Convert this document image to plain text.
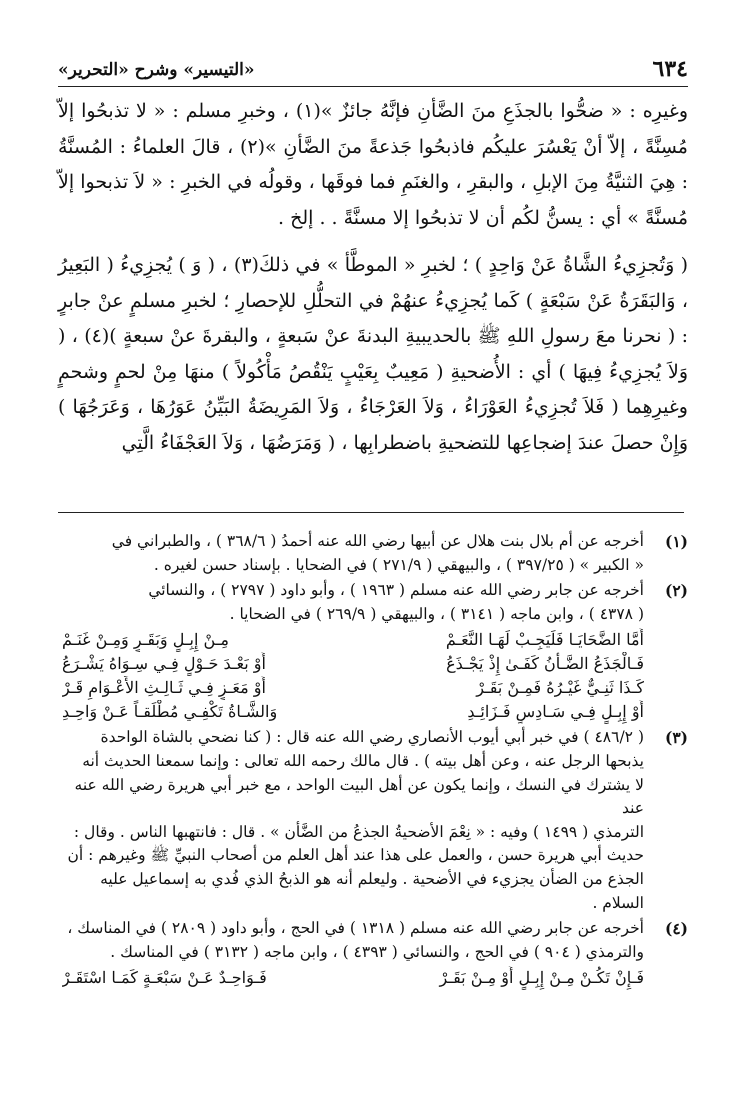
٦٣٤
«التيسير» وشرح «التحرير»

وغيرِه : « ضحُّوا بالجذَعِ منَ الضَّأنِ فإنَّهُ جائزٌ »(١) ، وخبرِ مسلم : « لا تذبحُوا إلاّ مُسِنَّةً ، إلاّ أنْ يَعْسُرَ عليكُم فاذبحُوا جَذعةً منَ الضَّأنِ »(٢) ، قالَ العلماءُ : المُسنَّةُ : هِيَ الثنيَّةُ مِنَ الإبلِ ، والبقرِ ، والغنَمِ فما فوقَها ، وقولُه في الخبرِ : « لاَ تذبحوا إلاّ مُسنَّةً » أي : يسنُّ لكُم أن لا تذبحُوا إلا مسنَّةً . . إلخ .

( وَتُجزِيءُ الشَّاةُ عَنْ وَاحِدٍ ) ؛ لخبرِ « الموطَّأ » في ذلكَ(٣) ، ( وَ ) يُجزِيءُ ( البَعِيرُ ، وَالبَقَرَةُ عَنْ سَبْعَةٍ ) كَما يُجزِيءُ عنهُمْ في التحلُّلِ للإحصارِ ؛ لخبرِ مسلمٍ عنْ جابرٍ : ( نحرنا معَ رسولِ اللهِ ﷺ بالحديبيةِ البدنةَ عنْ سَبعةٍ ، والبقرةَ عنْ سبعةٍ )(٤) ، ( وَلاَ يُجزِيءُ فِيهَا ) أي : الأُضحيةِ ( مَعِيبٌ بِعَيْبٍ يَنْقُصُ مَأْكُولاً ) منهَا مِنْ لحمٍ وشحمٍ وغيرِهِما ( فَلاَ تُجزِيءُ العَوْرَاءُ ، وَلاَ العَرْجَاءُ ، وَلاَ المَرِيضَةُ البَيِّنُ عَوَرُهَا ، وَعَرَجُهَا ) وَإِنْ حصلَ عندَ إضجاعِها للتضحيةِ باضطرابِها ، ( وَمَرَضُهَا ، وَلاَ العَجْفَاءُ الَّتِي

(١)
أخرجه عن أم بلال بنت هلال عن أبيها رضي الله عنه أحمدُ ( ٣٦٨/٦ ) ، والطبراني في
« الكبير » ( ٣٩٧/٢٥ ) ، والبيهقي ( ٢٧١/٩ ) في الضحايا . بإسناد حسن لغيره .
(٢)
أخرجه عن جابر رضي الله عنه مسلم ( ١٩٦٣ ) ، وأبو داود ( ٢٧٩٧ ) ، والنسائي
( ٤٣٧٨ ) ، وابن ماجه ( ٣١٤١ ) ، والبيهقي ( ٢٦٩/٩ ) في الضحايا .
أَمَّا الضَّحَايَـا فَلَيَجِـبْ لَهَـا النَّعَـمْ
مِـنْ إِبِـلٍ وَبَقَـرٍ وَمِـنْ غَنَـمْ
فَـالْجَذَعُ الضَّـأْنُ كَفَـىٰ إِذْ يَجْـذَعُ
أَوْ بَعْـدَ حَـوْلٍ فِـي سِـوَاهُ يَشْـرَعُ
كَـذَا ثَنِـيٌّ غَيْـرُهُ فَمِـنْ بَقَـرْ
أَوْ مَعَـزٍ فِـي ثَـالِـثِ الأَعْـوَامِ قَـرْ
أَوْ إِبِـلٍ فِـي سَـادِسٍ فَـزَائِـدِ
وَالشَّـاةُ تَكْفِـي مُطْلَقـاً عَـنْ وَاحِـدِ
(٣)
( ٤٨٦/٢ ) في خبر أبي أيوب الأنصاري رضي الله عنه قال : ( كنا نضحي بالشاة الواحدة
يذبحها الرجل عنه ، وعن أهل بيته ) . قال مالك رحمه الله تعالى : وإنما سمعنا الحديث أنه
لا يشترك في النسك ، وإنما يكون عن أهل البيت الواحد ، مع خبر أبي هريرة رضي الله عنه عند
الترمذي ( ١٤٩٩ ) وفيه : « نِعْمَ الأضحيةُ الجذعُ من الضَّأن » . قال : فانتهبها الناس . وقال :
حديث أبي هريرة حسن ، والعمل على هذا عند أهل العلم من أصحاب النبيِّ ﷺ وغيرهم : أن
الجذع من الضأن يجزيء في الأضحية . وليعلم أنه هو الذبحُ الذي فُدي به إسماعيل عليه
السلام .
(٤)
أخرجه عن جابر رضي الله عنه مسلم ( ١٣١٨ ) في الحج ، وأبو داود ( ٢٨٠٩ ) في المناسك ،
والترمذي ( ٩٠٤ ) في الحج ، والنسائي ( ٤٣٩٣ ) ، وابن ماجه ( ٣١٣٢ ) في المناسك .
فَـإِنْ تَكُـنْ مِـنْ إِبِـلٍ أَوْ مِـنْ بَقَـرْ
فَـوَاحِـدٌ عَـنْ سَبْعَـةٍ كَمَـا اسْتَقَـرْ
